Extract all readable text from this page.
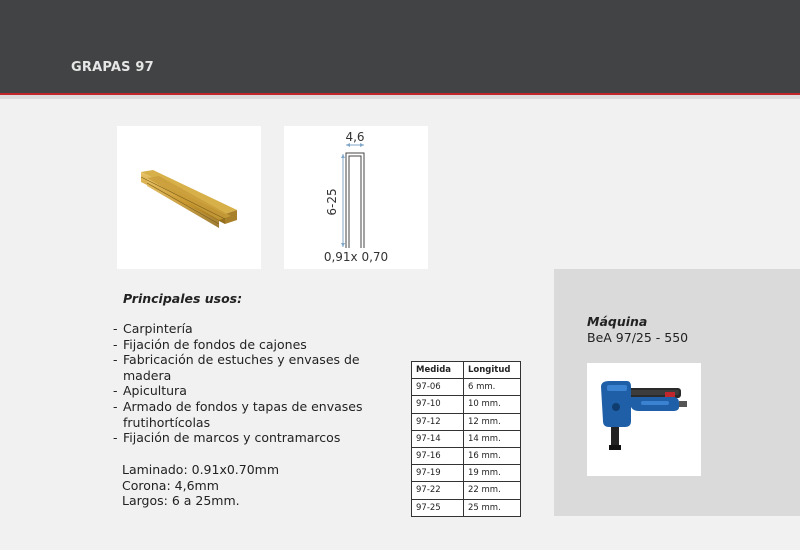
GRAPAS 97
4,6
6-25
0,91x 0,70
Principales usos:
- Carpintería
- Fijación de fondos de cajones
- Fabricación de estuches y envases de madera
- Apicultura
- Armado de fondos y tapas de envases frutihortícolas
- Fijación de marcos y contramarcos
Laminado: 0.91x0.70mm
Corona: 4,6mm
Largos: 6 a 25mm.
Medida	Longitud
97-06	6 mm.
97-10	10 mm.
97-12	12 mm.
97-14	14 mm.
97-16	16 mm.
97-19	19 mm.
97-22	22 mm.
97-25	25 mm.
Máquina
BeA 97/25 - 550
